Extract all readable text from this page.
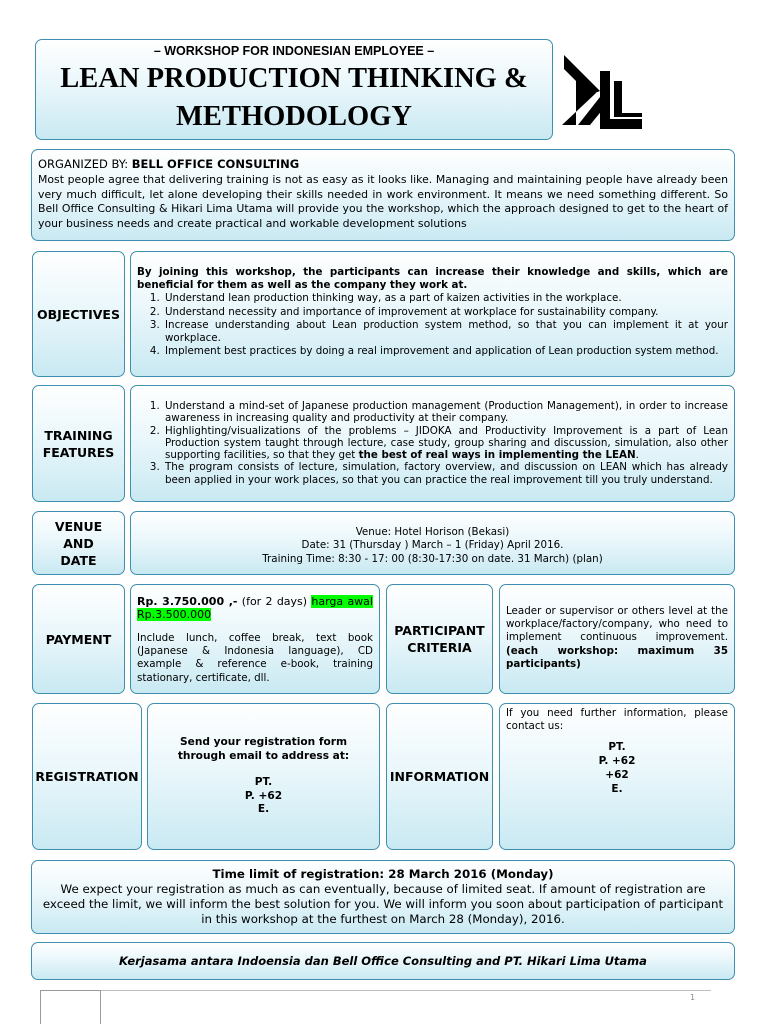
– WORKSHOP FOR INDONESIAN EMPLOYEE –
LEAN PRODUCTION THINKING &
METHODOLOGY
ORGANIZED BY: BELL OFFICE CONSULTING
Most people agree that delivering training is not as easy as it looks like. Managing and maintaining people have already been very much difficult, let alone developing their skills needed in work environment. It means we need something different. So Bell Office Consulting & Hikari Lima Utama will provide you the workshop, which the approach designed to get to the heart of your business needs and create practical and workable development solutions
OBJECTIVES
By joining this workshop, the participants can increase their knowledge and skills, which are beneficial for them as well as the company they work at.
1. Understand lean production thinking way, as a part of kaizen activities in the workplace.
2. Understand necessity and importance of improvement at workplace for sustainability company.
3. Increase understanding about Lean production system method, so that you can implement it at your workplace.
4. Implement best practices by doing a real improvement and application of Lean production system method.
TRAINING
FEATURES
1. Understand a mind-set of Japanese production management (Production Management), in order to increase awareness in increasing quality and productivity at their company.
2. Highlighting/visualizations of the problems – JIDOKA and Productivity Improvement is a part of Lean Production system taught through lecture, case study, group sharing and discussion, simulation, also other supporting facilities, so that they get the best of real ways in implementing the LEAN.
3. The program consists of lecture, simulation, factory overview, and discussion on LEAN which has already been applied in your work places, so that you can practice the real improvement till you truly understand.
VENUE
AND
DATE
Venue: Hotel Horison (Bekasi)
Date: 31 (Thursday ) March – 1 (Friday) April 2016.
Training Time: 8:30 - 17: 00 (8:30-17:30 on date. 31 March) (plan)
PAYMENT
Rp. 3.750.000 ,- (for 2 days) harga awal Rp.3.500.000
Include lunch, coffee break, text book (Japanese & Indonesia language), CD example & reference e-book, training stationary, certificate, dll.
PARTICIPANT
CRITERIA
Leader or supervisor or others level at the workplace/factory/company, who need to implement continuous improvement. (each workshop: maximum 35 participants)
REGISTRATION
Send your registration form through email to address at:
PT.
P. +62
E.
INFORMATION
If you need further information, please contact us:
PT.
P. +62
+62
E.
Time limit of registration: 28 March 2016 (Monday)
We expect your registration as much as can eventually, because of limited seat. If amount of registration are exceed the limit, we will inform the best solution for you. We will inform you soon about participation of participant in this workshop at the furthest on March 28 (Monday), 2016.
Kerjasama antara Indoensia dan Bell Office Consulting and PT. Hikari Lima Utama
1
